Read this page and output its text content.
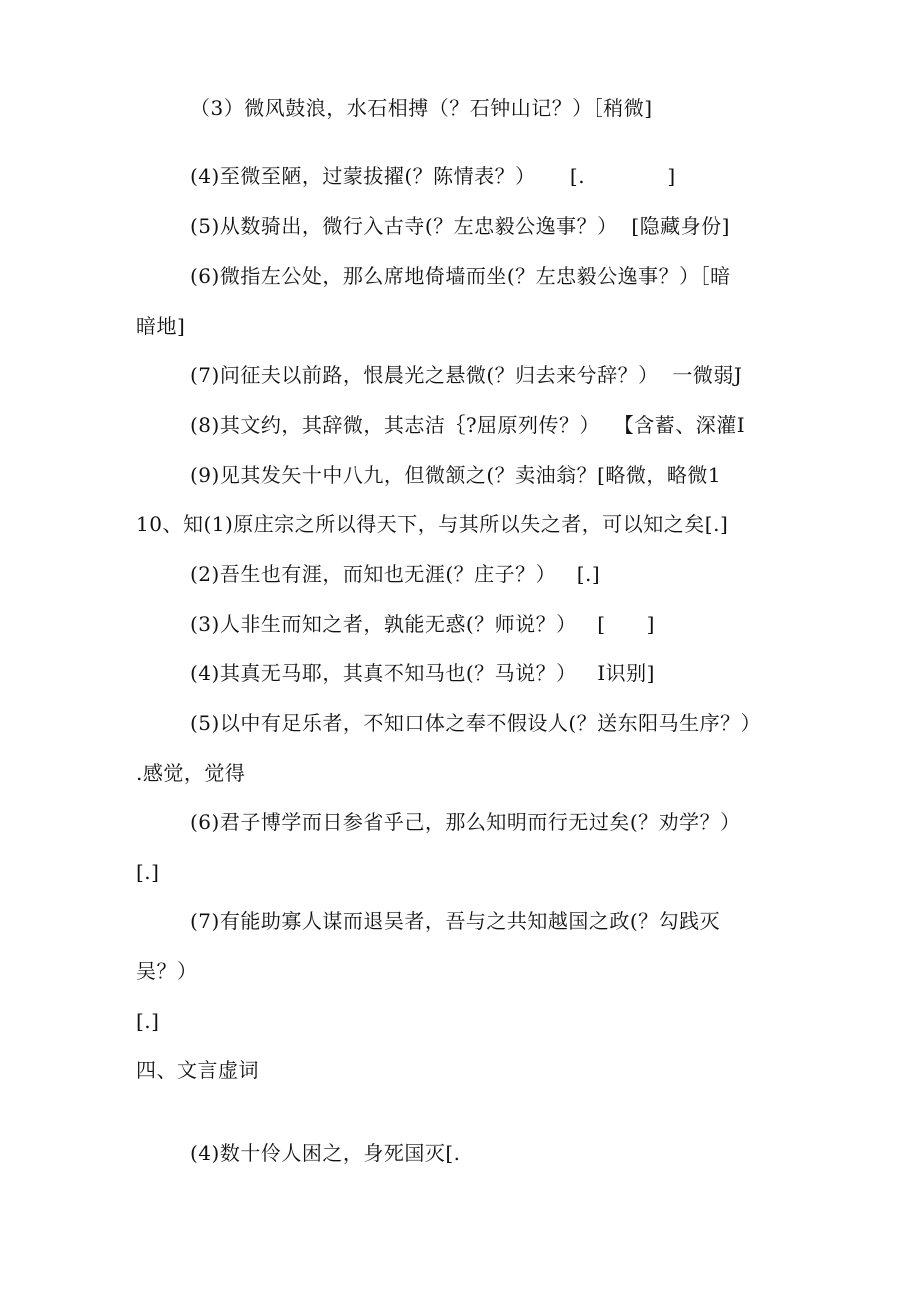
（3）微风鼓浪，水石相搏（？石钟山记？）［稍微]
(4)至微至陋，过蒙拔擢(？陈情表？）     [.            ]
(5)从数骑出，微行入古寺(？左忠毅公逸事？）  [隐藏身份]
(6)微指左公处，那么席地倚墙而坐(？左忠毅公逸事？）［暗
暗地]
(7)问征夫以前路，恨晨光之悬微(？归去来兮辞？）  一微弱J
(8)其文约，其辞微，其志洁｛?屈原列传？）  【含蓄、深灌I
(9)见其发矢十中八九，但微颔之(？卖油翁？[略微，略微1
10、知(1)原庄宗之所以得天下，与其所以失之者，可以知之矣[.]
(2)吾生也有涯，而知也无涯(？庄子？）   [.]
(3)人非生而知之者，孰能无惑(？师说？）   [      ]
(4)其真无马耶，其真不知马也(？马说？）   I识别]
(5)以中有足乐者，不知口体之奉不假设人(？送东阳马生序？）
.感觉，觉得
(6)君子博学而日参省乎己，那么知明而行无过矣(？劝学？）
[.]
(7)有能助寡人谋而退吴者，吾与之共知越国之政(？勾践灭
吴？）
[.]
四、文言虚词
(4)数十伶人困之，身死国灭[.
